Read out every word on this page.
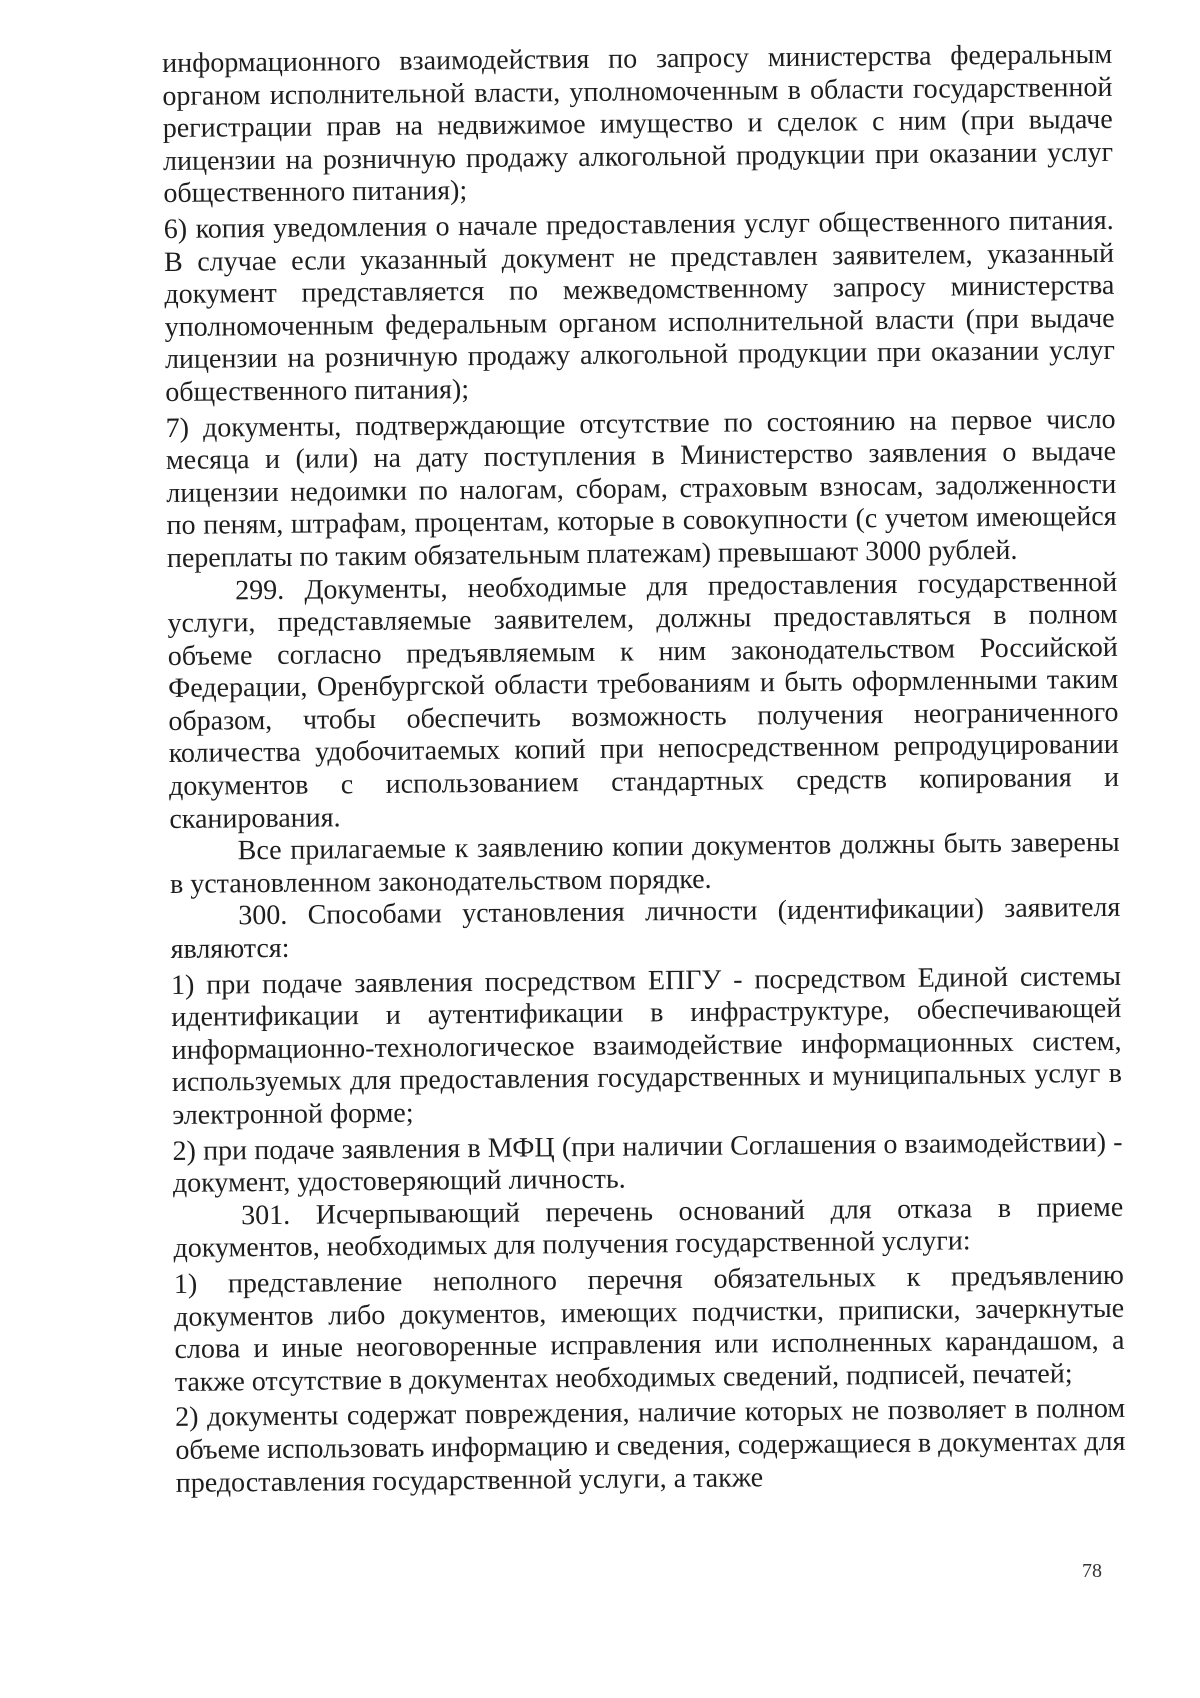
информационного взаимодействия по запросу министерства федеральным органом исполнительной власти, уполномоченным в области государственной регистрации прав на недвижимое имущество и сделок с ним (при выдаче лицензии на розничную продажу алкогольной продукции при оказании услуг общественного питания);

6) копия уведомления о начале предоставления услуг общественного питания. В случае если указанный документ не представлен заявителем, указанный документ представляется по межведомственному запросу министерства уполномоченным федеральным органом исполнительной власти (при выдаче лицензии на розничную продажу алкогольной продукции при оказании услуг общественного питания);

7) документы, подтверждающие отсутствие по состоянию на первое число месяца и (или) на дату поступления в Министерство заявления о выдаче лицензии недоимки по налогам, сборам, страховым взносам, задолженности по пеням, штрафам, процентам, которые в совокупности (с учетом имеющейся переплаты по таким обязательным платежам) превышают 3000 рублей.

299. Документы, необходимые для предоставления государственной услуги, представляемые заявителем, должны предоставляться в полном объеме согласно предъявляемым к ним законодательством Российской Федерации, Оренбургской области требованиям и быть оформленными таким образом, чтобы обеспечить возможность получения неограниченного количества удобочитаемых копий при непосредственном репродуцировании документов с использованием стандартных средств копирования и сканирования.

Все прилагаемые к заявлению копии документов должны быть заверены в установленном законодательством порядке.

300. Способами установления личности (идентификации) заявителя являются:

1) при подаче заявления посредством ЕПГУ - посредством Единой системы идентификации и аутентификации в инфраструктуре, обеспечивающей информационно-технологическое взаимодействие информационных систем, используемых для предоставления государственных и муниципальных услуг в электронной форме;

2) при подаче заявления в МФЦ (при наличии Соглашения о взаимодействии) - документ, удостоверяющий личность.

301. Исчерпывающий перечень оснований для отказа в приеме документов, необходимых для получения государственной услуги:

1) представление неполного перечня обязательных к предъявлению документов либо документов, имеющих подчистки, приписки, зачеркнутые слова и иные неоговоренные исправления или исполненных карандашом, а также отсутствие в документах необходимых сведений, подписей, печатей;

2) документы содержат повреждения, наличие которых не позволяет в полном объеме использовать информацию и сведения, содержащиеся в документах для предоставления государственной услуги, а также

78
